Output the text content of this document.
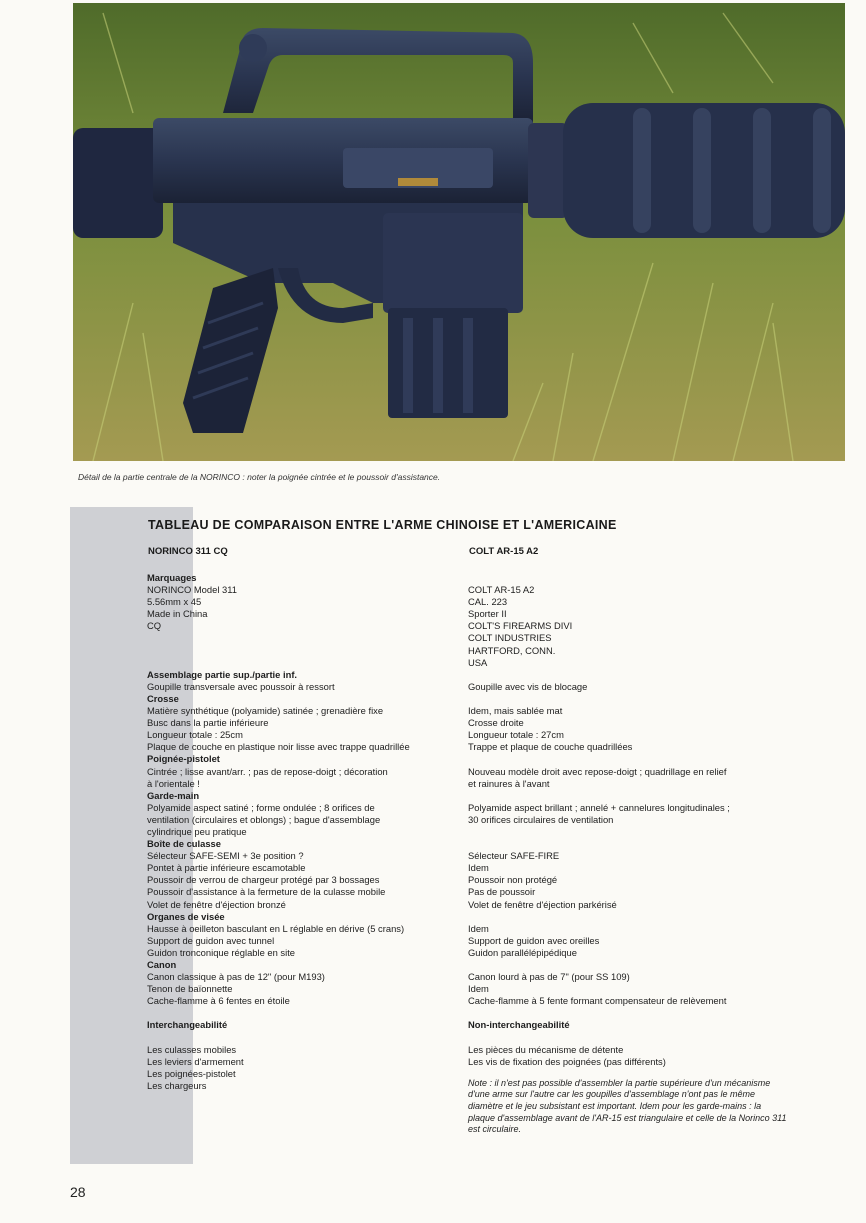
Détail de la partie centrale de la NORINCO : noter la poignée cintrée et le poussoir d'assistance.
TABLEAU DE COMPARAISON ENTRE L'ARME CHINOISE ET L'AMERICAINE
NORINCO 311 CQ	COLT AR-15 A2
Marquages
NORINCO Model 311
5.56mm x 45
Made in China
CQ
Assemblage partie sup./partie inf.
Goupille transversale avec poussoir à ressort
Crosse
Matière synthétique (polyamide) satinée ; grenadière fixe
Busc dans la partie inférieure
Longueur totale : 25cm
Plaque de couche en plastique noir lisse avec trappe quadrillée
Poignée-pistolet
Cintrée ; lisse avant/arr. ; pas de repose-doigt ; décoration
à l'orientale !
Garde-main
Polyamide aspect satiné ; forme ondulée ; 8 orifices de
ventilation (circulaires et oblongs) ; bague d'assemblage
cylindrique peu pratique
Boîte de culasse
Sélecteur SAFE-SEMI + 3e position ?
Pontet à partie inférieure escamotable
Poussoir de verrou de chargeur protégé par 3 bossages
Poussoir d'assistance à la fermeture de la culasse mobile
Volet de fenêtre d'éjection bronzé
Organes de visée
Hausse à oeilleton basculant en L réglable en dérive (5 crans)
Support de guidon avec tunnel
Guidon tronconique réglable en site
Canon
Canon classique à pas de 12" (pour M193)
Tenon de baïonnette
Cache-flamme à 6 fentes en étoile
Interchangeabilité
Les culasses mobiles
Les leviers d'armement
Les poignées-pistolet
Les chargeurs
COLT AR-15 A2
CAL. 223
Sporter II
COLT'S FIREARMS DIVI
COLT INDUSTRIES
HARTFORD, CONN.
USA
Goupille avec vis de blocage
Idem, mais sablée mat
Crosse droite
Longueur totale : 27cm
Trappe et plaque de couche quadrillées
Nouveau modèle droit avec repose-doigt ; quadrillage en relief
et rainures à l'avant
Polyamide aspect brillant ; annelé + cannelures longitudinales ;
30 orifices circulaires de ventilation
Sélecteur SAFE-FIRE
Idem
Poussoir non protégé
Pas de poussoir
Volet de fenêtre d'éjection parkérisé
Idem
Support de guidon avec oreilles
Guidon parallélépipédique
Canon lourd à pas de 7" (pour SS 109)
Idem
Cache-flamme à 5 fente formant compensateur de relèvement
Non-interchangeabilité
Les pièces du mécanisme de détente
Les vis de fixation des poignées (pas différents)
Note : il n'est pas possible d'assembler la partie supérieure d'un mécanisme d'une arme sur l'autre car les goupilles d'assemblage n'ont pas le même diamètre et le jeu subsistant est important. Idem pour les garde-mains : la plaque d'assemblage avant de l'AR-15 est triangulaire et celle de la Norinco 311 est circulaire.
28
